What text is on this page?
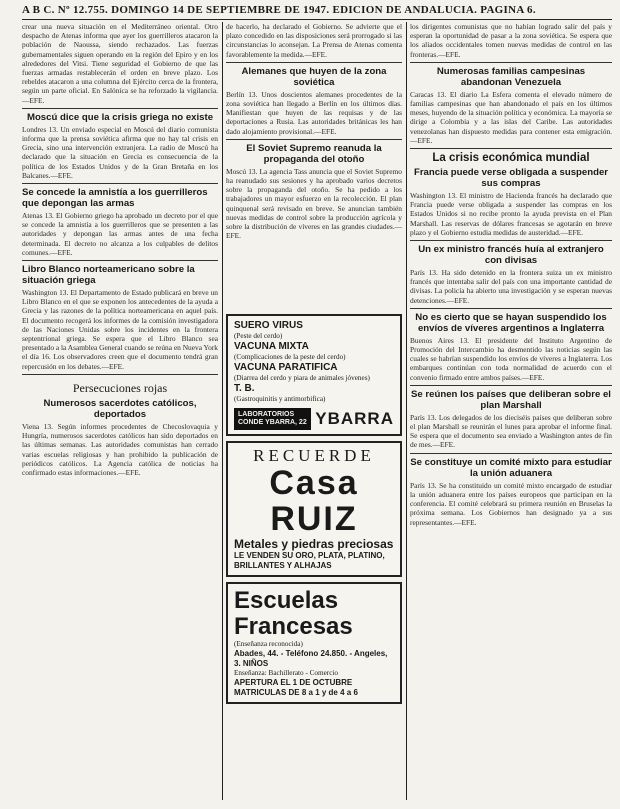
A B C. Nº 12.755. DOMINGO 14 DE SEPTIEMBRE DE 1947. EDICION DE ANDALUCIA. PAGINA 6.

crear una nueva situación en el Mediterráneo oriental. Otro despacho de Atenas informa que ayer los guerrilleros atacaron la población de Naoussa, siendo rechazados. Las fuerzas gubernamentales siguen operando en la región del Epiro y en los alrededores del Vitsi. Tiene seguridad el Gobierno de que las fuerzas armadas restablecerán el orden en breve plazo. Los rebeldes atacaron a una columna del Ejército cerca de la frontera, según un parte oficial. En Salónica se ha reforzado la vigilancia.—EFE.

Moscú dice que la crisis griega no existe

Londres 13. Un enviado especial en Moscú del diario comunista informa que la prensa soviética afirma que no hay tal crisis en Grecia, sino una intervención extranjera. La radio de Moscú ha declarado que la situación en Grecia es consecuencia de la política de los Estados Unidos y de la Gran Bretaña en los Balcanes.—EFE.

Se concede la amnistía a los guerrilleros que depongan las armas

Atenas 13. El Gobierno griego ha aprobado un decreto por el que se concede la amnistía a los guerrilleros que se presenten a las autoridades y depongan las armas antes de una fecha determinada. El decreto no alcanza a los culpables de delitos comunes.—EFE.

Libro Blanco norteamericano sobre la situación griega

Washington 13. El Departamento de Estado publicará en breve un Libro Blanco en el que se exponen los antecedentes de la ayuda a Grecia y las razones de la política norteamericana en aquel país. El documento recogerá los informes de la comisión investigadora de las Naciones Unidas sobre los incidentes en la frontera septentrional griega. Se espera que el Libro Blanco sea presentado a la Asamblea General cuando se reúna en Nueva York el día 16. Los observadores creen que el documento tendrá gran repercusión en los debates.—EFE.

Persecuciones rojas
Numerosos sacerdotes católicos, deportados

Viena 13. Según informes procedentes de Checoslovaquia y Hungría, numerosos sacerdotes católicos han sido deportados en las últimas semanas. Las autoridades comunistas han cerrado varias escuelas religiosas y han prohibido la publicación de periódicos católicos. La Agencia católica de noticias ha confirmado estas informaciones.—EFE.

de hacerlo, ha declarado el Gobierno. Se advierte que el plazo concedido en las disposiciones será prorrogado si las circunstancias lo aconsejan. La Prensa de Atenas comenta favorablemente la medida.—EFE.

Alemanes que huyen de la zona soviética

Berlín 13. Unos doscientos alemanes procedentes de la zona soviética han llegado a Berlín en los últimos días. Manifiestan que huyen de las requisas y de las deportaciones a Rusia. Las autoridades británicas les han dado alojamiento provisional.—EFE.

El Soviet Supremo reanuda la propaganda del otoño

Moscú 13. La agencia Tass anuncia que el Soviet Supremo ha reanudado sus sesiones y ha aprobado varios decretos sobre la propaganda del otoño. Se ha pedido a los trabajadores un mayor esfuerzo en la recolección. El plan quinquenal será revisado en breve. Se anuncian también nuevas medidas de control sobre la producción agrícola y sobre la distribución de víveres en las grandes ciudades.—EFE.

SUERO VIRUS
(Peste del cerdo)
VACUNA MIXTA
(Complicaciones de la peste del cerdo)
VACUNA PARATIFICA
(Diarrea del cerdo y piara de animales jóvenes)
T. B.
(Gastroquinitis y antimorbifica)
LABORATORIOS
CONDE YBARRA, 22 YBARRA
RECUERDE
Casa RUIZ
Metales y piedras preciosas
LE VENDEN SU ORO, PLATA, PLATINO, BRILLANTES Y ALHAJAS
Escuelas Francesas
(Enseñanza reconocida)
Abades, 44. - Teléfono 24.850. - Angeles, 3. NIÑOS
Enseñanza: Bachillerato - Comercio
APERTURA EL 1 DE OCTUBRE
MATRICULAS DE 8 a 1 y de 4 a 6

los dirigentes comunistas que no habían logrado salir del país y esperan la oportunidad de pasar a la zona soviética. Se espera que los aliados occidentales tomen nuevas medidas de control en las fronteras.—EFE.

Numerosas familias campesinas abandonan Venezuela

Caracas 13. El diario La Esfera comenta el elevado número de familias campesinas que han abandonado el país en los últimos meses, huyendo de la situación política y económica. La mayoría se dirige a Colombia y a las islas del Caribe. Las autoridades venezolanas han dispuesto medidas para contener esta emigración.—EFE.

La crisis económica mundial
Francia puede verse obligada a suspender sus compras

Washington 13. El ministro de Hacienda francés ha declarado que Francia puede verse obligada a suspender las compras en los Estados Unidos si no recibe pronto la ayuda prevista en el Plan Marshall. Las reservas de dólares francesas se agotarán en breve plazo y el Gobierno estudia medidas de austeridad.—EFE.

Un ex ministro francés huía al extranjero con divisas

París 13. Ha sido detenido en la frontera suiza un ex ministro francés que intentaba salir del país con una importante cantidad de divisas. La policía ha abierto una investigación y se esperan nuevas detenciones.—EFE.

No es cierto que se hayan suspendido los envíos de víveres argentinos a Inglaterra

Buenos Aires 13. El presidente del Instituto Argentino de Promoción del Intercambio ha desmentido las noticias según las cuales se habrían suspendido los envíos de víveres a Inglaterra. Los embarques continúan con toda normalidad de acuerdo con el convenio firmado entre ambos países.—EFE.

Se reúnen los países que deliberan sobre el plan Marshall

París 13. Los delegados de los dieciséis países que deliberan sobre el plan Marshall se reunirán el lunes para aprobar el informe final. Se espera que el documento sea enviado a Washington antes de fin de mes.—EFE.

Se constituye un comité mixto para estudiar la unión aduanera

París 13. Se ha constituido un comité mixto encargado de estudiar la unión aduanera entre los países europeos que participan en la conferencia. El comité celebrará su primera reunión en Bruselas la próxima semana. Los Gobiernos han designado ya a sus representantes.—EFE.
